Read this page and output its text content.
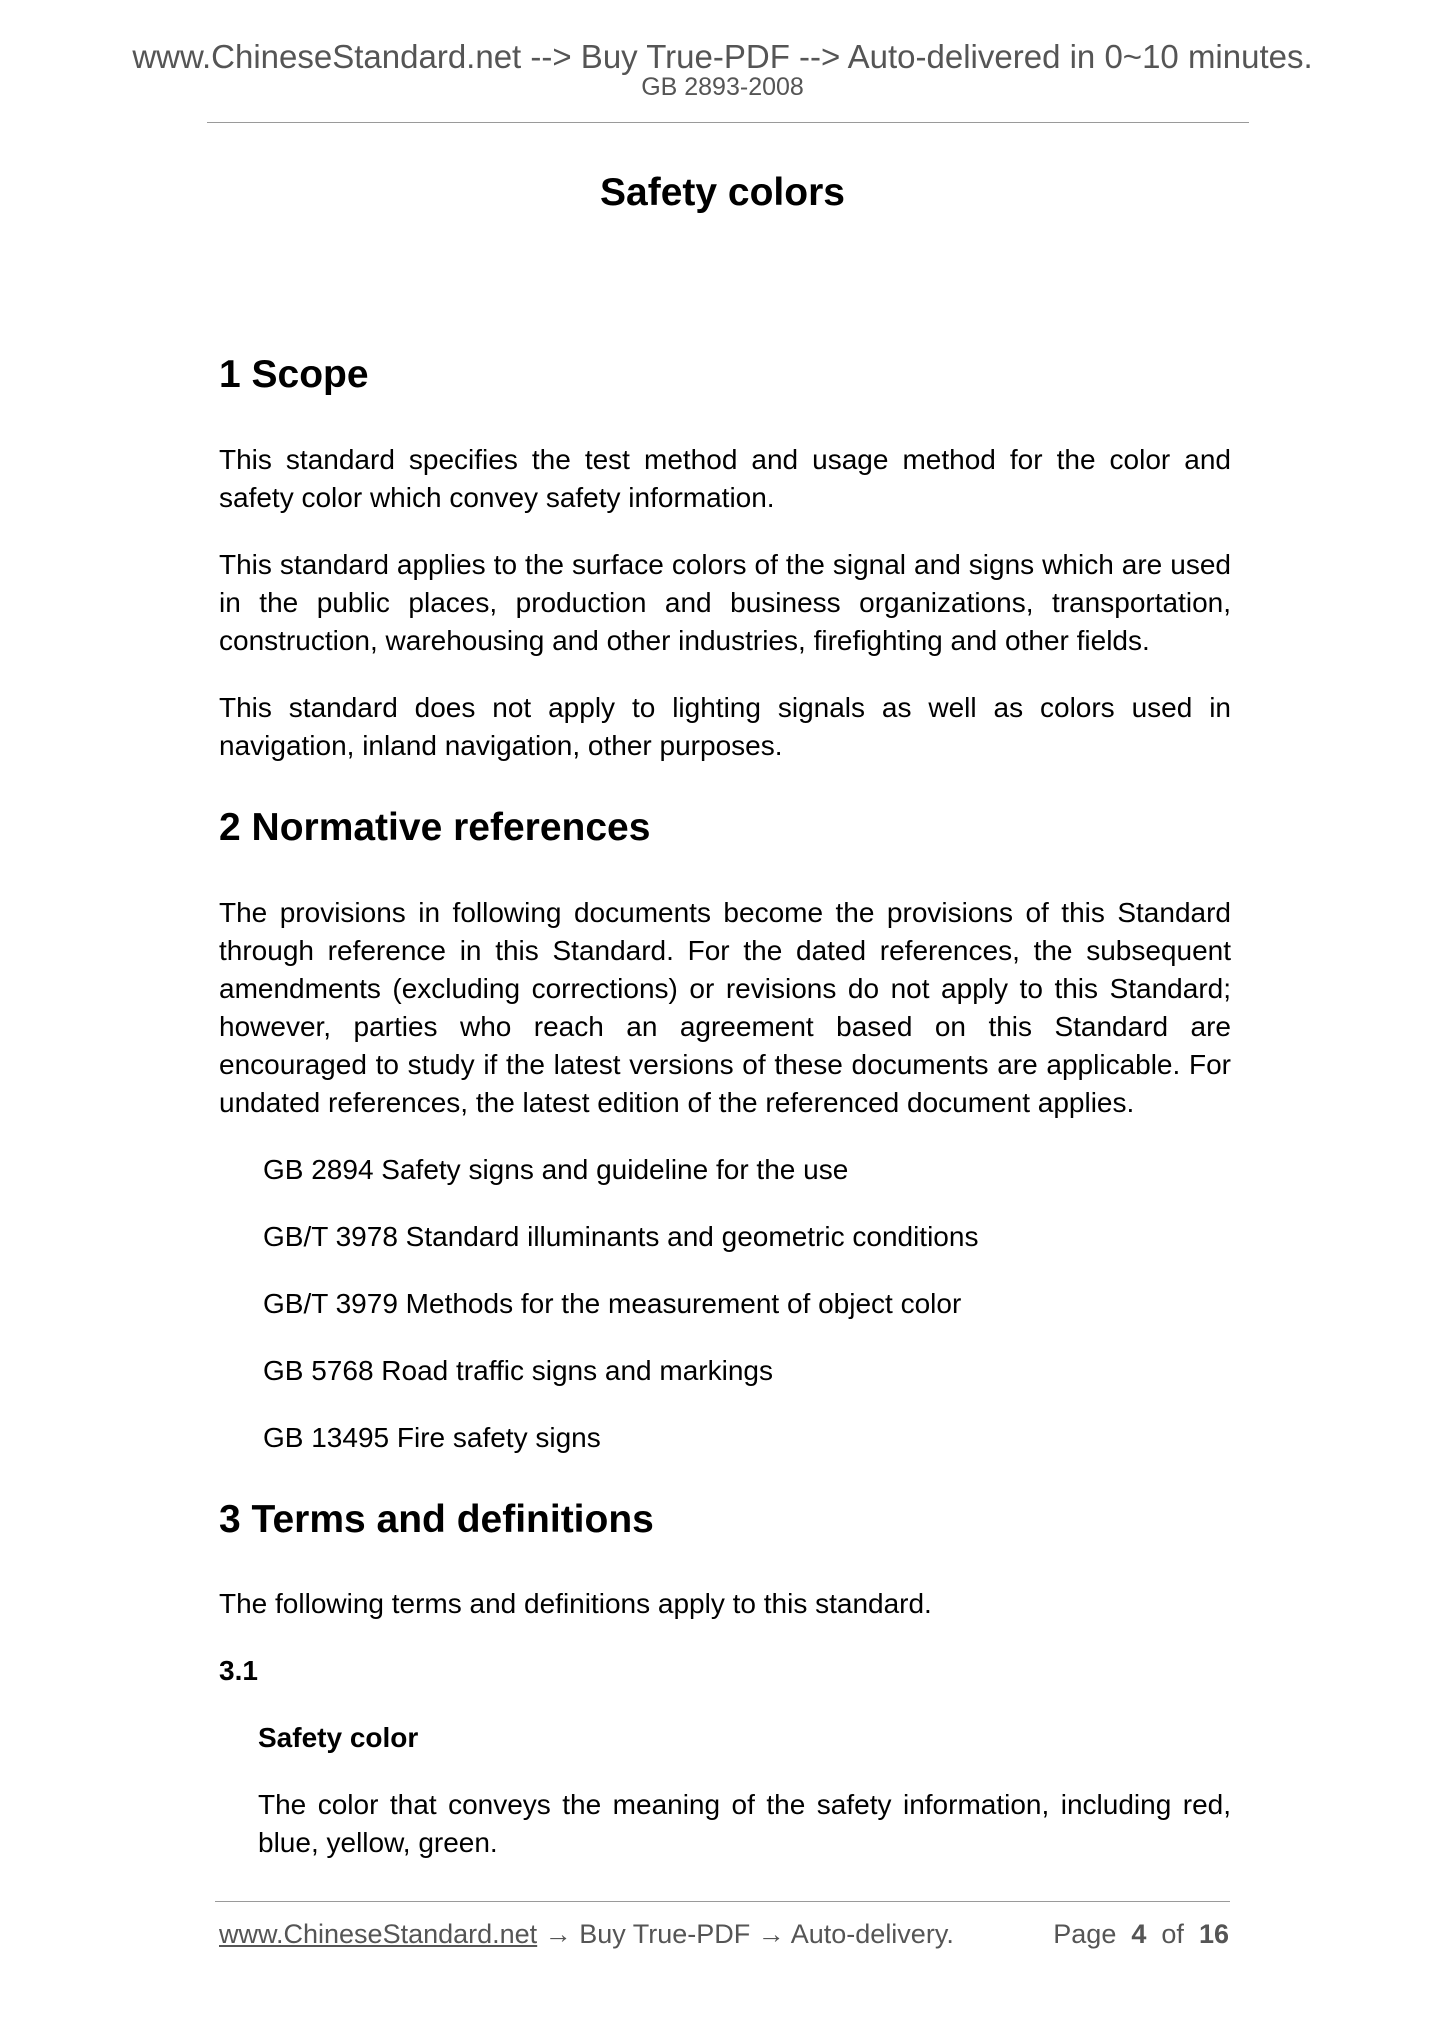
www.ChineseStandard.net --> Buy True-PDF --> Auto-delivered in 0~10 minutes.
GB 2893-2008
Safety colors
1 Scope

This standard specifies the test method and usage method for the color and safety color which convey safety information.

This standard applies to the surface colors of the signal and signs which are used in the public places, production and business organizations, transportation, construction, warehousing and other industries, firefighting and other fields.

This standard does not apply to lighting signals as well as colors used in navigation, inland navigation, other purposes.

2 Normative references

The provisions in following documents become the provisions of this Standard through reference in this Standard. For the dated references, the subsequent amendments (excluding corrections) or revisions do not apply to this Standard; however, parties who reach an agreement based on this Standard are encouraged to study if the latest versions of these documents are applicable. For undated references, the latest edition of the referenced document applies.

GB 2894 Safety signs and guideline for the use

GB/T 3978 Standard illuminants and geometric conditions

GB/T 3979 Methods for the measurement of object color

GB 5768 Road traffic signs and markings

GB 13495 Fire safety signs

3 Terms and definitions

The following terms and definitions apply to this standard.

3.1

Safety color

The color that conveys the meaning of the safety information, including red, blue, yellow, green.

www.ChineseStandard.net → Buy True-PDF → Auto-delivery.	Page 4 of 16
